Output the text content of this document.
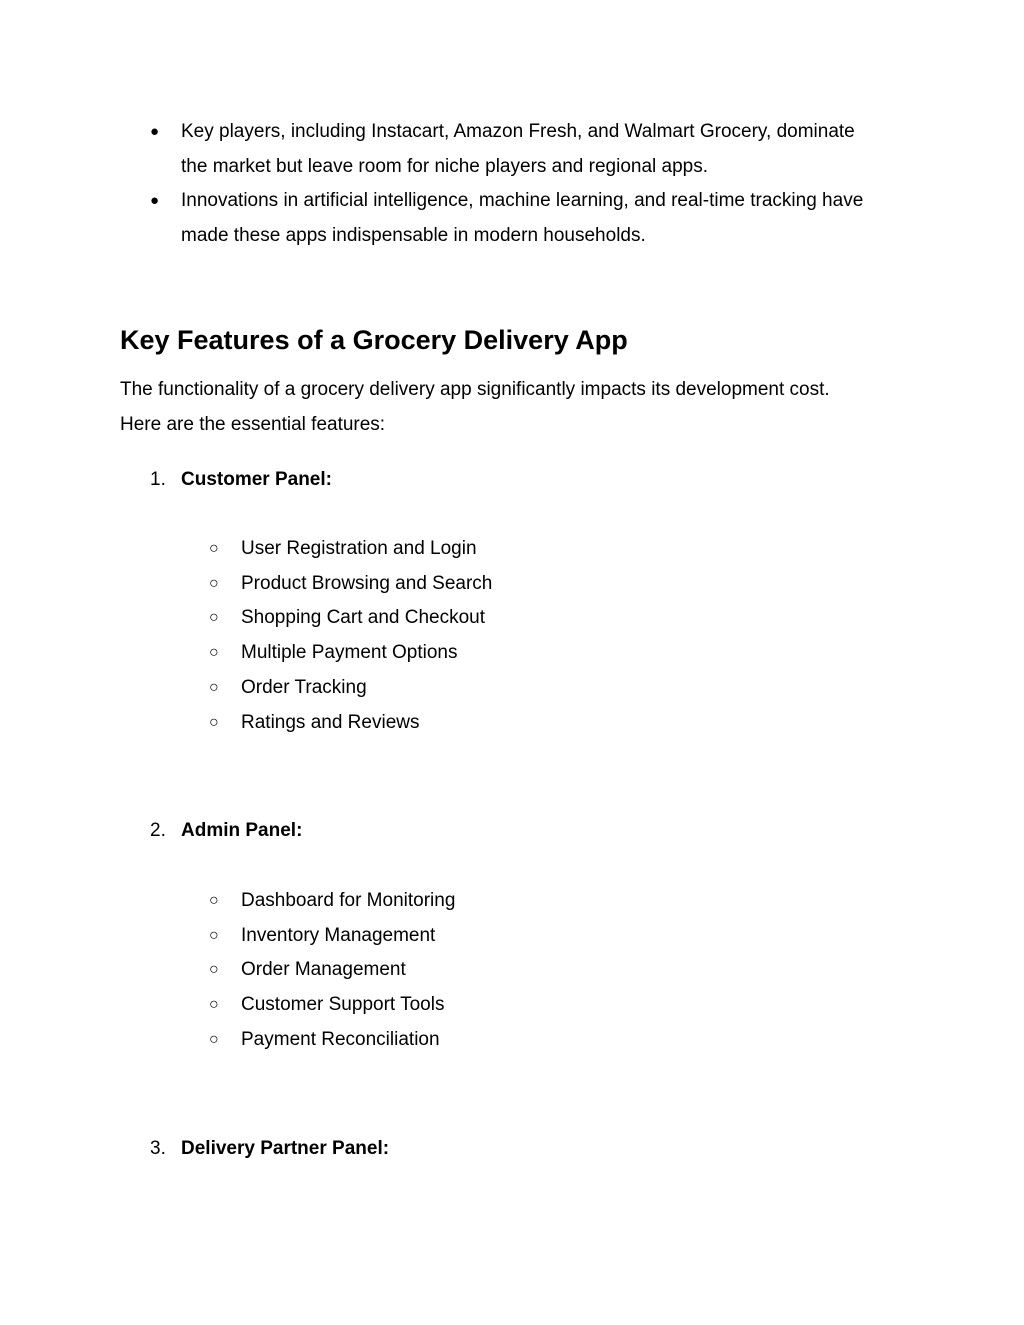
● Key players, including Instacart, Amazon Fresh, and Walmart Grocery, dominate
the market but leave room for niche players and regional apps.
● Innovations in artificial intelligence, machine learning, and real-time tracking have
made these apps indispensable in modern households.
Key Features of a Grocery Delivery App

The functionality of a grocery delivery app significantly impacts its development cost.
Here are the essential features:

1. Customer Panel:
○ User Registration and Login
○ Product Browsing and Search
○ Shopping Cart and Checkout
○ Multiple Payment Options
○ Order Tracking
○ Ratings and Reviews
2. Admin Panel:
○ Dashboard for Monitoring
○ Inventory Management
○ Order Management
○ Customer Support Tools
○ Payment Reconciliation
3. Delivery Partner Panel:
